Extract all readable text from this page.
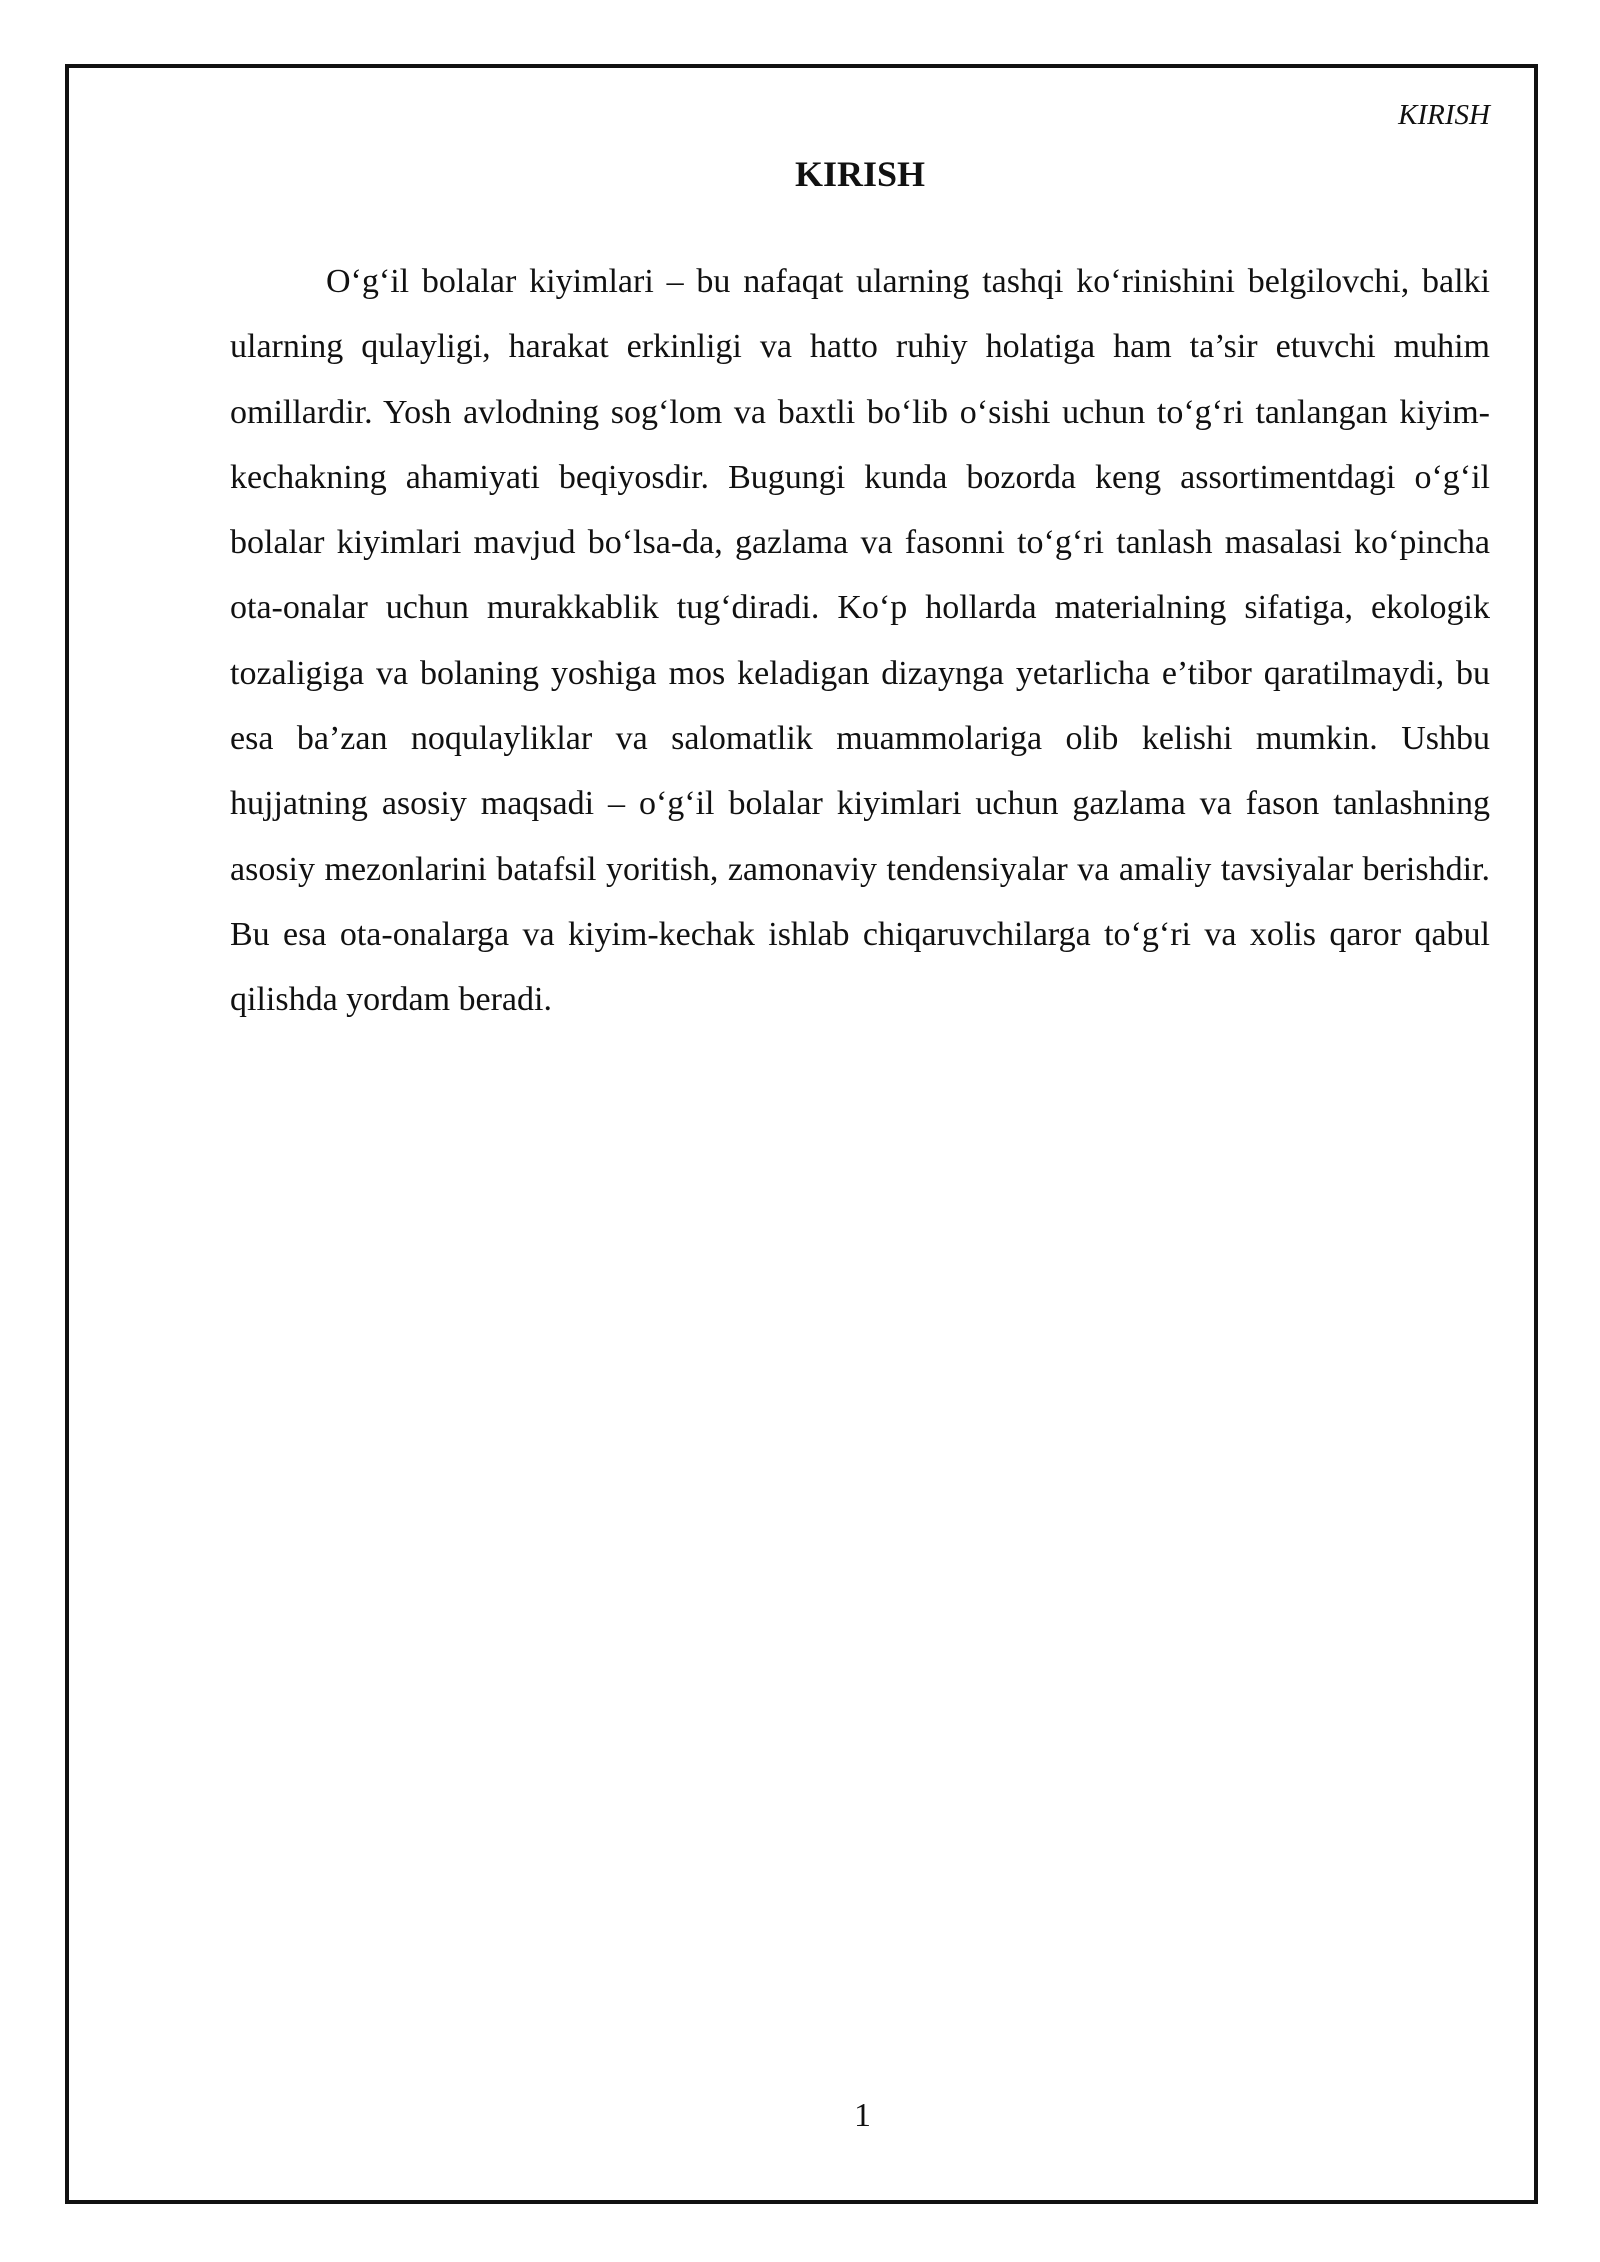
KIRISH
KIRISH

O‘g‘il bolalar kiyimlari – bu nafaqat ularning tashqi ko‘rinishini belgilovchi, balki ularning qulayligi, harakat erkinligi va hatto ruhiy holatiga ham ta’sir etuvchi muhim omillardir. Yosh avlodning sog‘lom va baxtli bo‘lib o‘sishi uchun to‘g‘ri tanlangan kiyim-kechakning ahamiyati beqiyosdir. Bugungi kunda bozorda keng assortimentdagi o‘g‘il bolalar kiyimlari mavjud bo‘lsa-da, gazlama va fasonni to‘g‘ri tanlash masalasi ko‘pincha ota-onalar uchun murakkablik tug‘diradi. Ko‘p hollarda materialning sifatiga, ekologik tozaligiga va bolaning yoshiga mos keladigan dizaynga yetarlicha e’tibor qaratilmaydi, bu esa ba’zan noqulayliklar va salomatlik muammolariga olib kelishi mumkin. Ushbu hujjatning asosiy maqsadi – o‘g‘il bolalar kiyimlari uchun gazlama va fason tanlashning asosiy mezonlarini batafsil yoritish, zamonaviy tendensiyalar va amaliy tavsiyalar berishdir. Bu esa ota-onalarga va kiyim-kechak ishlab chiqaruvchilarga to‘g‘ri va xolis qaror qabul qilishda yordam beradi.

1
